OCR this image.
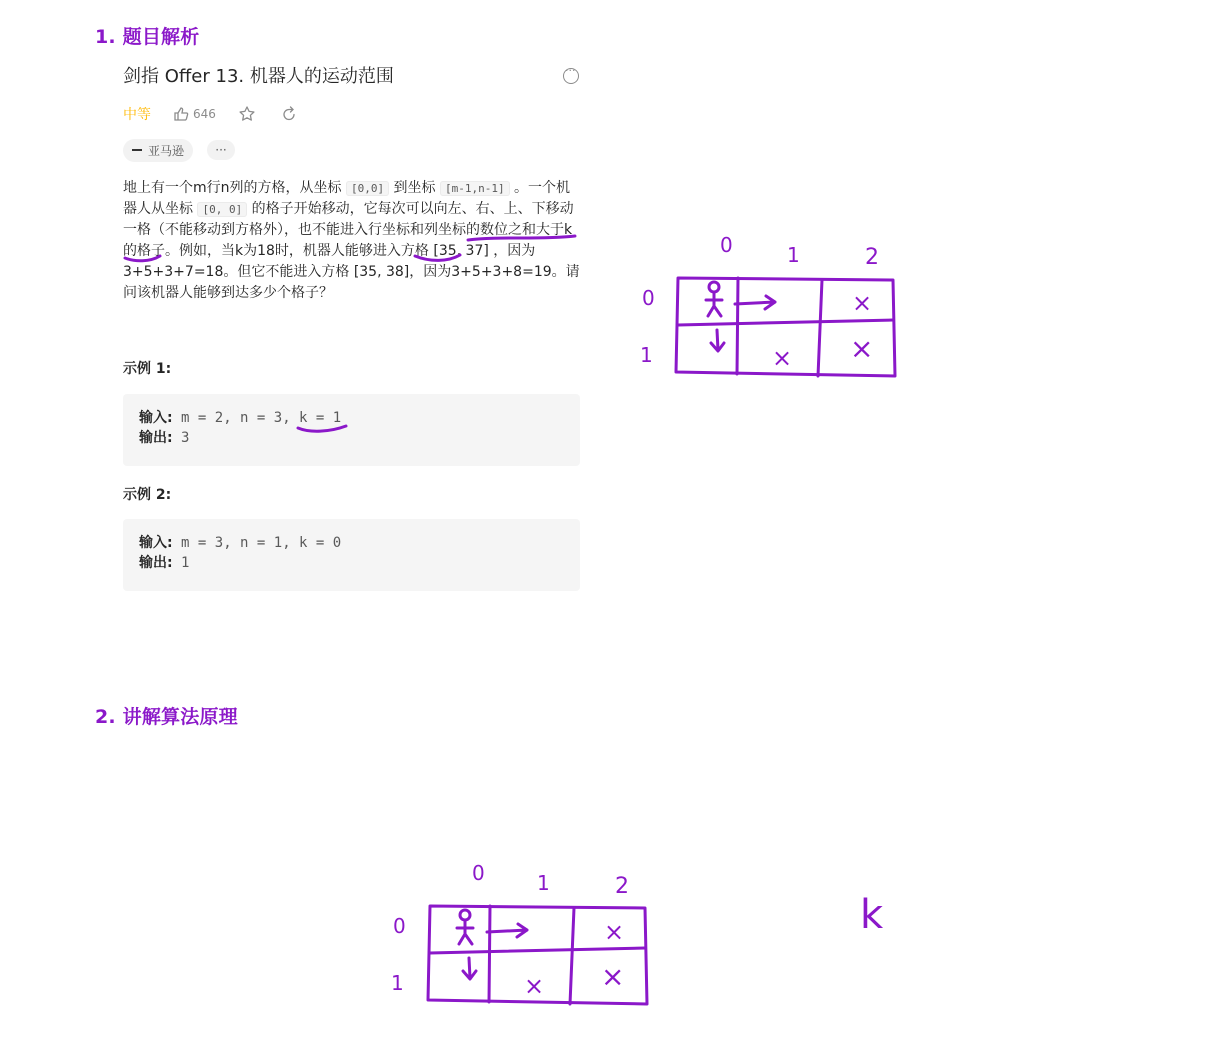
1. 题目解析
剑指 Offer 13. 机器人的运动范围
···
中等	646
亚马逊	···
地上有一个m行n列的方格，从坐标 [0,0] 到坐标 [m-1,n-1] 。一个机器人从坐标 [0, 0] 的格子开始移动，它每次可以向左、右、上、下移动一格（不能移动到方格外），也不能进入行坐标和列坐标的数位之和大于k的格子。例如，当k为18时，机器人能够进入方格 [35, 37] ，因为3+5+3+7=18。但它不能进入方格 [35, 38]，因为3+5+3+8=19。请问该机器人能够到达多少个格子？
示例 1:
输入: m = 2, n = 3, k = 1
输出: 3
示例 2:
输入: m = 3, n = 1, k = 0
输出: 1
2. 讲解算法原理
0	1	2
0
1
×
× ×
0	1	2
0
1
×
× ×
k
